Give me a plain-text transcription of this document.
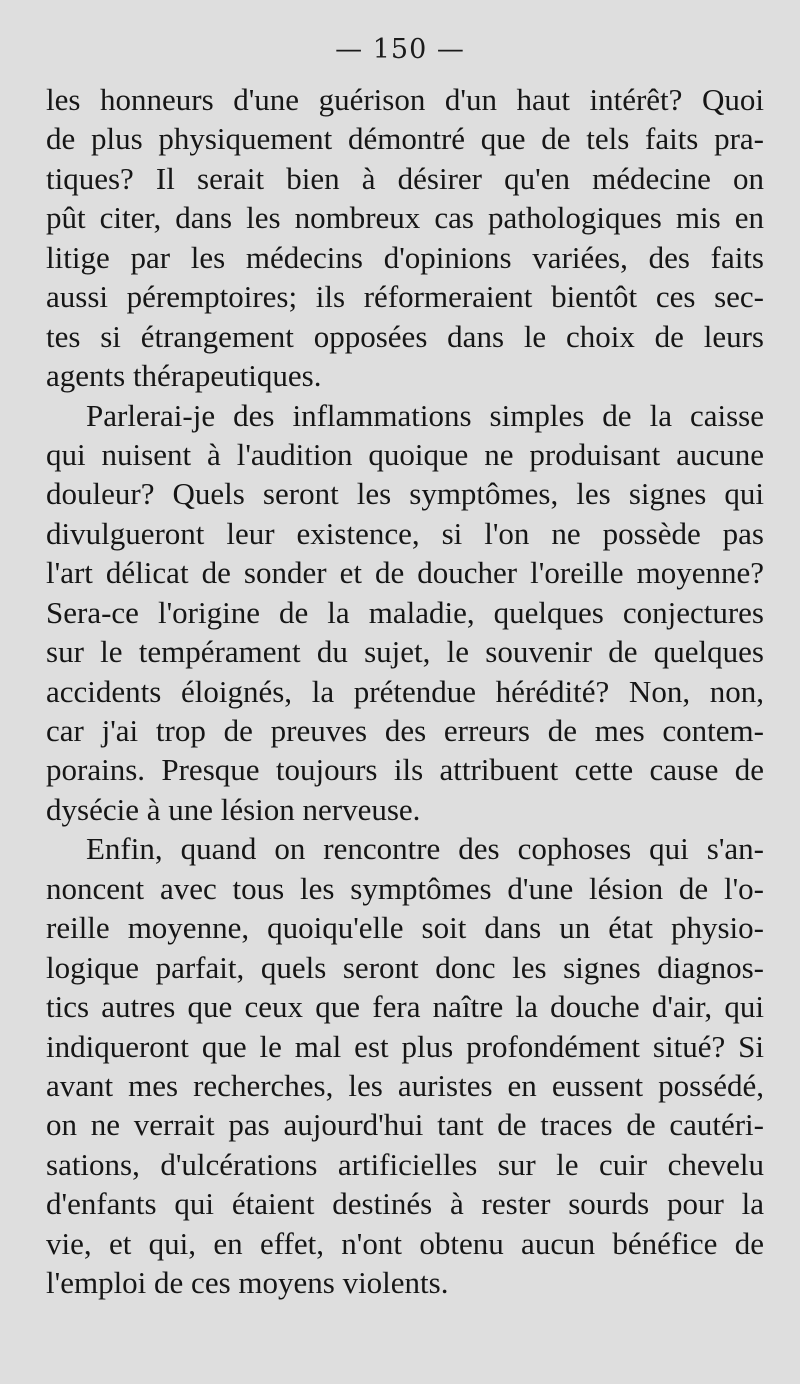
— 150 —
les honneurs d'une guérison d'un haut intérêt? Quoi
de plus physiquement démontré que de tels faits pra-
tiques? Il serait bien à désirer qu'en médecine on
pût citer, dans les nombreux cas pathologiques mis en
litige par les médecins d'opinions variées, des faits
aussi péremptoires; ils réformeraient bientôt ces sec-
tes si étrangement opposées dans le choix de leurs
agents thérapeutiques.
Parlerai-je des inflammations simples de la caisse
qui nuisent à l'audition quoique ne produisant aucune
douleur? Quels seront les symptômes, les signes qui
divulgueront leur existence, si l'on ne possède pas
l'art délicat de sonder et de doucher l'oreille moyenne?
Sera-ce l'origine de la maladie, quelques conjectures
sur le tempérament du sujet, le souvenir de quelques
accidents éloignés, la prétendue hérédité? Non, non,
car j'ai trop de preuves des erreurs de mes contem-
porains. Presque toujours ils attribuent cette cause de
dysécie à une lésion nerveuse.
Enfin, quand on rencontre des cophoses qui s'an-
noncent avec tous les symptômes d'une lésion de l'o-
reille moyenne, quoiqu'elle soit dans un état physio-
logique parfait, quels seront donc les signes diagnos-
tics autres que ceux que fera naître la douche d'air, qui
indiqueront que le mal est plus profondément situé? Si
avant mes recherches, les auristes en eussent possédé,
on ne verrait pas aujourd'hui tant de traces de cautéri-
sations, d'ulcérations artificielles sur le cuir chevelu
d'enfants qui étaient destinés à rester sourds pour la
vie, et qui, en effet, n'ont obtenu aucun bénéfice de
l'emploi de ces moyens violents.
